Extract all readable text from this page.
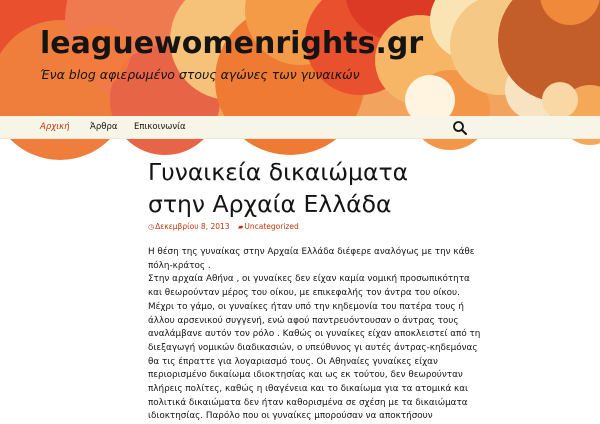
leaguewomenrights.gr
Ένα blog αφιερωμένο στους αγώνες των γυναικών
Αρχική Άρθρα Επικοινωνία
Γυναικεία δικαιώματα
στην Αρχαία Ελλάδα
◷Δεκεμβρίου 8, 2013 ▰Uncategorized

Η θέση της γυναίκας στην Αρχαία Ελλάδα διέφερε αναλόγως με την κάθε

πόλη-κράτος .

Στην αρχαία Αθήνα , οι γυναίκες δεν είχαν καμία νομική προσωπικότητα

και θεωρούνταν μέρος του οίκου, με επικεφαλής τον άντρα του οίκου.

Μέχρι το γάμο, οι γυναίκες ήταν υπό την κηδεμονία του πατέρα τους ή

άλλου αρσενικού συγγενή, ενώ αφού παντρευόντουσαν ο άντρας τους

αναλάμβανε αυτόν τον ρόλο . Καθώς οι γυναίκες είχαν αποκλειστεί από τη

διεξαγωγή νομικών διαδικασιών, ο υπεύθυνος γι αυτές άντρας-κηδεμόνας

θα τις έπραττε για λογαριασμό τους. Οι Αθηναίες γυναίκες είχαν

περιορισμένο δικαίωμα ιδιοκτησίας και ως εκ τούτου, δεν θεωρούνταν

πλήρεις πολίτες, καθώς η ιθαγένεια και το δικαίωμα για τα ατομικά και

πολιτικά δικαιώματα δεν ήταν καθορισμένα σε σχέση με τα δικαιώματα

ιδιοκτησίας. Παρόλο που οι γυναίκες μπορούσαν να αποκτήσουν
